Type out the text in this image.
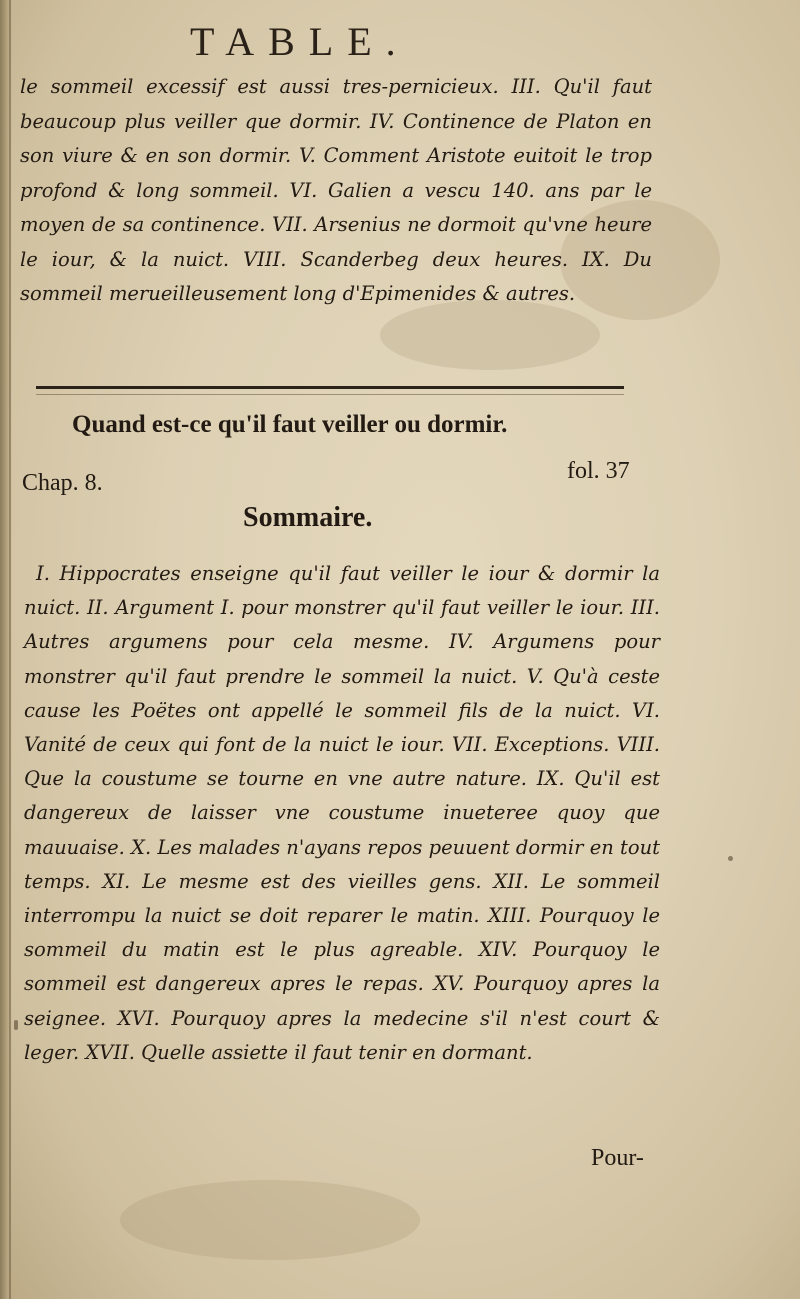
TABLE.

le sommeil excessif est aussi tres-pernicieux. III. Qu'il faut beaucoup plus veiller que dormir. IV. Continence de Platon en son viure & en son dormir. V. Comment Aristote euitoit le trop profond & long sommeil. VI. Galien a vescu 140. ans par le moyen de sa continence. VII. Arsenius ne dormoit qu'vne heure le iour, & la nuict. VIII. Scanderbeg deux heures. IX. Du sommeil merueilleusement long d'Epimenides & autres.

Quand est-ce qu'il faut veiller ou dormir.
Chap. 8.	fol. 37
Sommaire.

I. Hippocrates enseigne qu'il faut veiller le iour & dormir la nuict. II. Argument I. pour monstrer qu'il faut veiller le iour. III. Autres argumens pour cela mesme. IV. Argumens pour monstrer qu'il faut prendre le sommeil la nuict. V. Qu'à ceste cause les Poëtes ont appellé le sommeil fils de la nuict. VI. Vanité de ceux qui font de la nuict le iour. VII. Exceptions. VIII. Que la coustume se tourne en vne autre nature. IX. Qu'il est dangereux de laisser vne coustume inueteree quoy que mauuaise. X. Les malades n'ayans repos peuuent dormir en tout temps. XI. Le mesme est des vieilles gens. XII. Le sommeil interrompu la nuict se doit reparer le matin. XIII. Pourquoy le sommeil du matin est le plus agreable. XIV. Pourquoy le sommeil est dangereux apres le repas. XV. Pourquoy apres la seignee. XVI. Pourquoy apres la medecine s'il n'est court & leger. XVII. Quelle assiette il faut tenir en dormant.

Pour-
